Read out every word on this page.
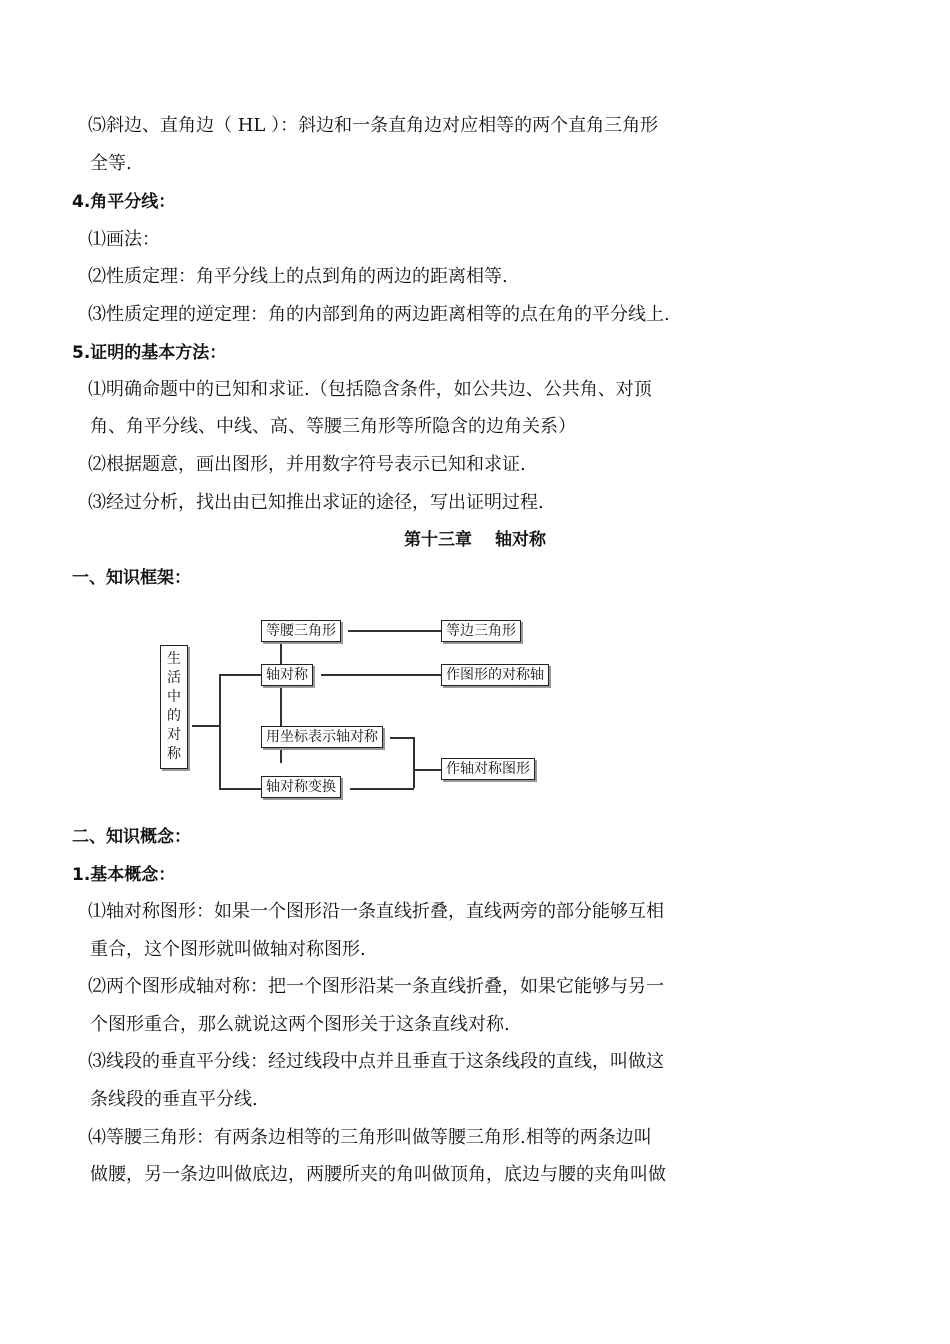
⑸斜边、直角边（ HL ）：斜边和一条直角边对应相等的两个直角三角形
全等.
4.角平分线：
⑴画法：
⑵性质定理：角平分线上的点到角的两边的距离相等.
⑶性质定理的逆定理：角的内部到角的两边距离相等的点在角的平分线上.
5.证明的基本方法：
⑴明确命题中的已知和求证.（包括隐含条件，如公共边、公共角、对顶
角、角平分线、中线、高、等腰三角形等所隐含的边角关系）
⑵根据题意，画出图形，并用数字符号表示已知和求证.
⑶经过分析，找出由已知推出求证的途径，写出证明过程.
第十三章　 轴对称
一、知识框架：
生
活
中
的
对
称
等腰三角形	等边三角形
轴对称	作图形的对称轴
用坐标表示轴对称
作轴对称图形
轴对称变换
二、知识概念：
1.基本概念：
⑴轴对称图形：如果一个图形沿一条直线折叠，直线两旁的部分能够互相
重合，这个图形就叫做轴对称图形.
⑵两个图形成轴对称：把一个图形沿某一条直线折叠，如果它能够与另一
个图形重合，那么就说这两个图形关于这条直线对称.
⑶线段的垂直平分线：经过线段中点并且垂直于这条线段的直线，叫做这
条线段的垂直平分线.
⑷等腰三角形：有两条边相等的三角形叫做等腰三角形.相等的两条边叫
做腰，另一条边叫做底边，两腰所夹的角叫做顶角，底边与腰的夹角叫做
